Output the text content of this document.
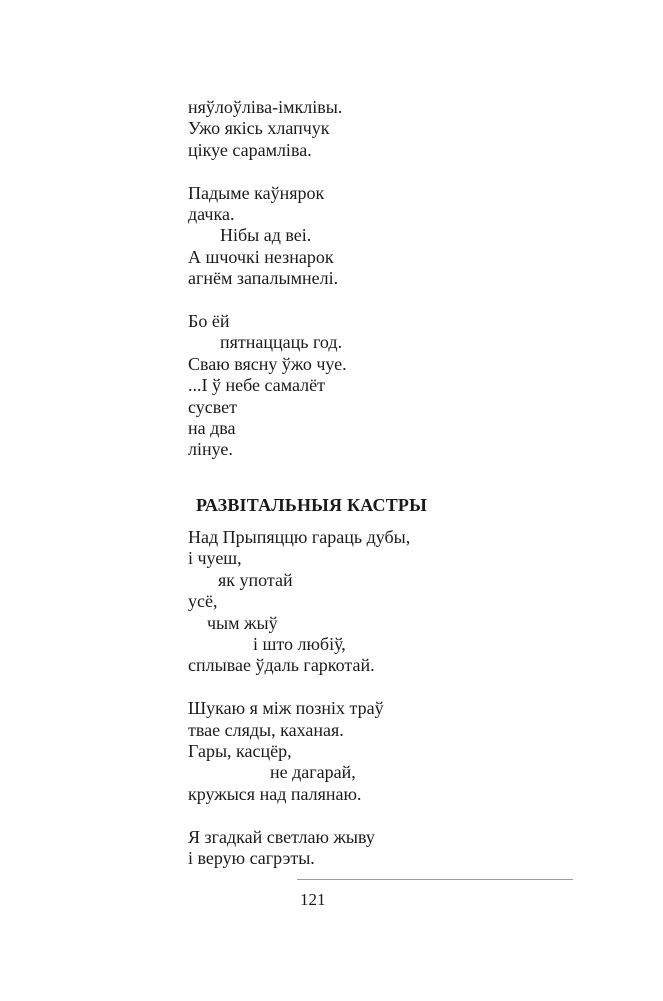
няўлоўліва-імклівы.
Ужо якісь хлапчук
цікуе сарамліва.
Падыме каўнярок
дачка.
Нібы ад веі.
А шчочкі незнарок
агнём запалымнелі.
Бо ёй
пятнаццаць год.
Сваю вясну ўжо чуе.
...І ў небе самалёт
сусвет
на два
лінуе.
РАЗВІТАЛЬНЫЯ КАСТРЫ
Над Прыпяццю гараць дубы,
і чуеш,
як употай
усё,
чым жыў
і што любіў,
сплывае ўдаль гаркотай.
Шукаю я між позніх траў
твае сляды, каханая.
Гары, касцёр,
не дагарай,
кружыся над палянаю.
Я згадкай светлаю жыву
і верую сагрэты.
121
